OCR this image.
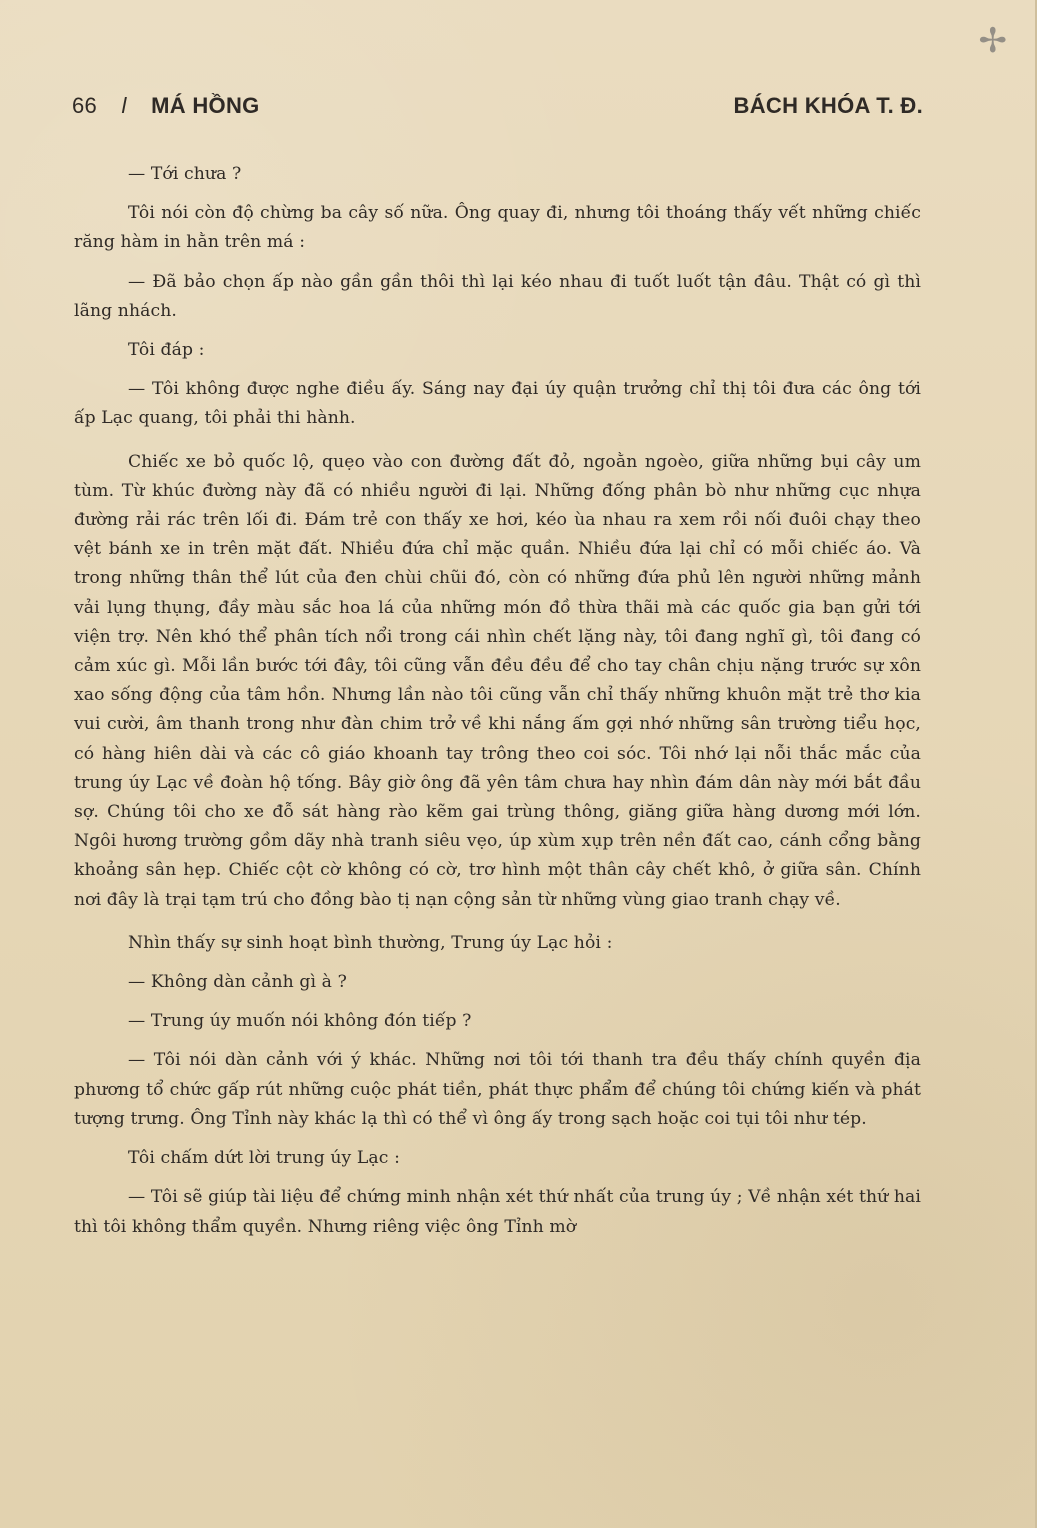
✢
66 l MÁ HỒNG	BÁCH KHÓA T. Đ.

— Tới chưa ?

Tôi nói còn độ chừng ba cây số nữa. Ông quay đi, nhưng tôi thoáng thấy vết những chiếc răng hàm in hằn trên má :

— Đã bảo chọn ấp nào gần gần thôi thì lại kéo nhau đi tuốt luốt tận đâu. Thật có gì thì lãng nhách.

Tôi đáp :

— Tôi không được nghe điều ấy. Sáng nay đại úy quận trưởng chỉ thị tôi đưa các ông tới ấp Lạc quang, tôi phải thi hành.

Chiếc xe bỏ quốc lộ, quẹo vào con đường đất đỏ, ngoằn ngoèo, giữa những bụi cây um tùm. Từ khúc đường này đã có nhiều người đi lại. Những đống phân bò như những cục nhựa đường rải rác trên lối đi. Đám trẻ con thấy xe hơi, kéo ùa nhau ra xem rồi nối đuôi chạy theo vệt bánh xe in trên mặt đất. Nhiều đứa chỉ mặc quần. Nhiều đứa lại chỉ có mỗi chiếc áo. Và trong những thân thể lút của đen chùi chũi đó, còn có những đứa phủ lên người những mảnh vải lụng thụng, đầy màu sắc hoa lá của những món đồ thừa thãi mà các quốc gia bạn gửi tới viện trợ. Nên khó thể phân tích nổi trong cái nhìn chết lặng này, tôi đang nghĩ gì, tôi đang có cảm xúc gì. Mỗi lần bước tới đây, tôi cũng vẫn đều đều để cho tay chân chịu nặng trước sự xôn xao sống động của tâm hồn. Nhưng lần nào tôi cũng vẫn chỉ thấy những khuôn mặt trẻ thơ kia vui cười, âm thanh trong như đàn chim trở về khi nắng ấm gợi nhớ những sân trường tiểu học, có hàng hiên dài và các cô giáo khoanh tay trông theo coi sóc. Tôi nhớ lại nỗi thắc mắc của trung úy Lạc về đoàn hộ tống. Bây giờ ông đã yên tâm chưa hay nhìn đám dân này mới bắt đầu sợ. Chúng tôi cho xe đỗ sát hàng rào kẽm gai trùng thông, giăng giữa hàng dương mới lớn. Ngôi hương trường gồm dãy nhà tranh siêu vẹo, úp xùm xụp trên nền đất cao, cánh cổng bằng khoảng sân hẹp. Chiếc cột cờ không có cờ, trơ hình một thân cây chết khô, ở giữa sân. Chính nơi đây là trại tạm trú cho đồng bào tị nạn cộng sản từ những vùng giao tranh chạy về.

Nhìn thấy sự sinh hoạt bình thường, Trung úy Lạc hỏi :

— Không dàn cảnh gì à ?

— Trung úy muốn nói không đón tiếp ?

— Tôi nói dàn cảnh với ý khác. Những nơi tôi tới thanh tra đều thấy chính quyền địa phương tổ chức gấp rút những cuộc phát tiền, phát thực phẩm để chúng tôi chứng kiến và phát tượng trưng. Ông Tỉnh này khác lạ thì có thể vì ông ấy trong sạch hoặc coi tụi tôi như tép.

Tôi chấm dứt lời trung úy Lạc :

— Tôi sẽ giúp tài liệu để chứng minh nhận xét thứ nhất của trung úy ; Về nhận xét thứ hai thì tôi không thẩm quyền. Nhưng riêng việc ông Tỉnh mờ
